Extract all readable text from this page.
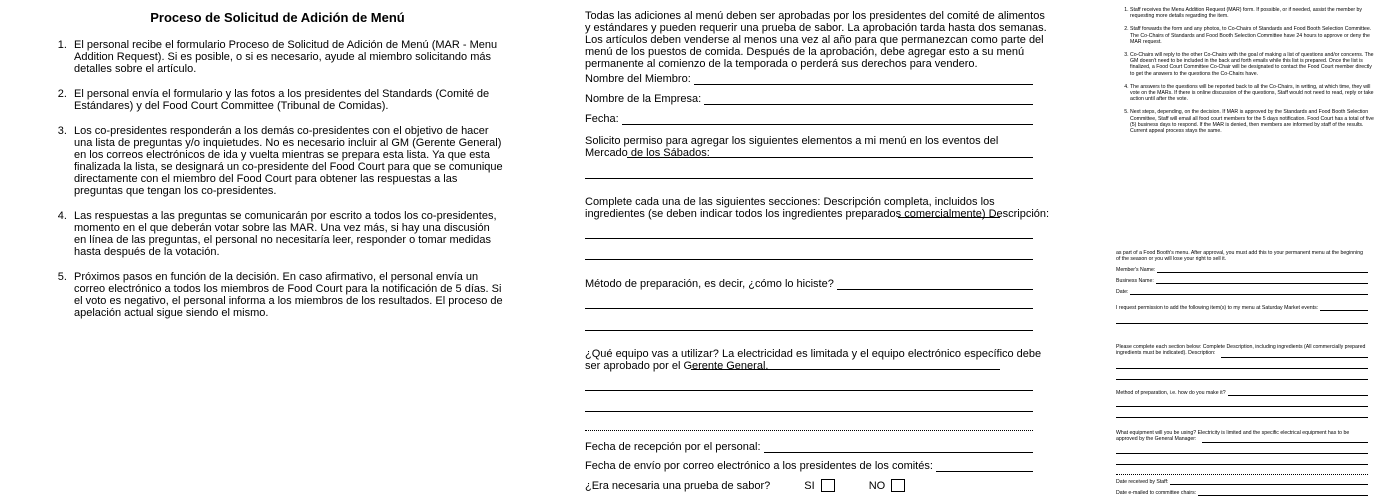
Proceso de Solicitud de Adición de Menú
1. El personal recibe el formulario Proceso de Solicitud de Adición de Menú (MAR - Menu Addition Request). Si es posible, o si es necesario, ayude al miembro solicitando más detalles sobre el artículo.
2. El personal envía el formulario y las fotos a los presidentes del Standards (Comité de Estándares) y del Food Court Committee (Tribunal de Comidas).
3. Los co-presidentes responderán a los demás co-presidentes con el objetivo de hacer una lista de preguntas y/o inquietudes. No es necesario incluir al GM (Gerente General) en los correos electrónicos de ida y vuelta mientras se prepara esta lista. Ya que esta finalizada la lista, se designará un co-presidente del Food Court para que se comunique directamente con el miembro del Food Court para obtener las respuestas a las preguntas que tengan los co-presidentes.
4. Las respuestas a las preguntas se comunicarán por escrito a todos los co-presidentes, momento en el que deberán votar sobre las MAR. Una vez más, si hay una discusión en línea de las preguntas, el personal no necesitaría leer, responder o tomar medidas hasta después de la votación.
5. Próximos pasos en función de la decisión. En caso afirmativo, el personal envía un correo electrónico a todos los miembros de Food Court para la notificación de 5 días. Si el voto es negativo, el personal informa a los miembros de los resultados. El proceso de apelación actual sigue siendo el mismo.

Todas las adiciones al menú deben ser aprobadas por los presidentes del comité de alimentos y estándares y pueden requerir una prueba de sabor. La aprobación tarda hasta dos semanas. Los artículos deben venderse al menos una vez al año para que permanezcan como parte del menú de los puestos de comida. Después de la aprobación, debe agregar esto a su menú permanente al comienzo de la temporada o perderá sus derechos para vendero.

Nombre del Miembro:
Nombre de la Empresa:
Fecha:

Solicito permiso para agregar los siguientes elementos a mi menú en los eventos del Mercado de los Sábados:

Complete cada una de las siguientes secciones: Descripción completa, incluidos los ingredientes (se deben indicar todos los ingredientes preparados comercialmente) Descripción:

Método de preparación, es decir, ¿cómo lo hiciste?

¿Qué equipo vas a utilizar? La electricidad es limitada y el equipo electrónico específico debe ser aprobado por el Gerente General.

Fecha de recepción por el personal:
Fecha de envío por correo electrónico a los presidentes de los comités:
¿Era necesaria una prueba de sabor?	SI	NO
1. Staff receives the Menu Addition Request (MAR) form. If possible, or if needed, assist the member by requesting more details regarding the item.
2. Staff forwards the form and any photos, to Co-Chairs of Standards and Food Booth Selection Committee. The Co-Chairs of Standards and Food Booth Selection Committee have 24 hours to approve or deny the MAR request.
3. Co-Chairs will reply to the other Co-Chairs with the goal of making a list of questions and/or concerns. The GM doesn't need to be included in the back and forth emails while this list is prepared. Once the list is finalized, a Food Court Committee Co-Chair will be designated to contact the Food Court member directly to get the answers to the questions the Co-Chairs have.
4. The answers to the questions will be reported back to all the Co-Chairs, in writing, at which time, they will vote on the MARs. If there is online discussion of the questions, Staff would not need to read, reply or take action until after the vote.
5. Next steps, depending, on the decision. If MAR is approved by the Standards and Food Booth Selection Committee, Staff will email all food court members for the 5 days notification. Food Court has a total of five (5) business days to respond. If the MAR is denied, then members are informed by staff of the results. Current appeal process stays the same.

as part of a Food Booth's menu. After approval, you must add this to your permanent menu at the beginning of the season or you will lose your right to sell it.

Member's Name:
Business Name:
Date:
I request permission to add the following item(s) to my menu at Saturday Market events:

Please complete each section below: Complete Description, including ingredients (All commercially prepared ingredients must be indicated). Description:

Method of preparation, i.e. how do you make it?

What equipment will you be using? Electricity is limited and the specific electrical equipment has to be approved by the General Manager:

Date received by Staff:
Date e-mailed to committee chairs:
